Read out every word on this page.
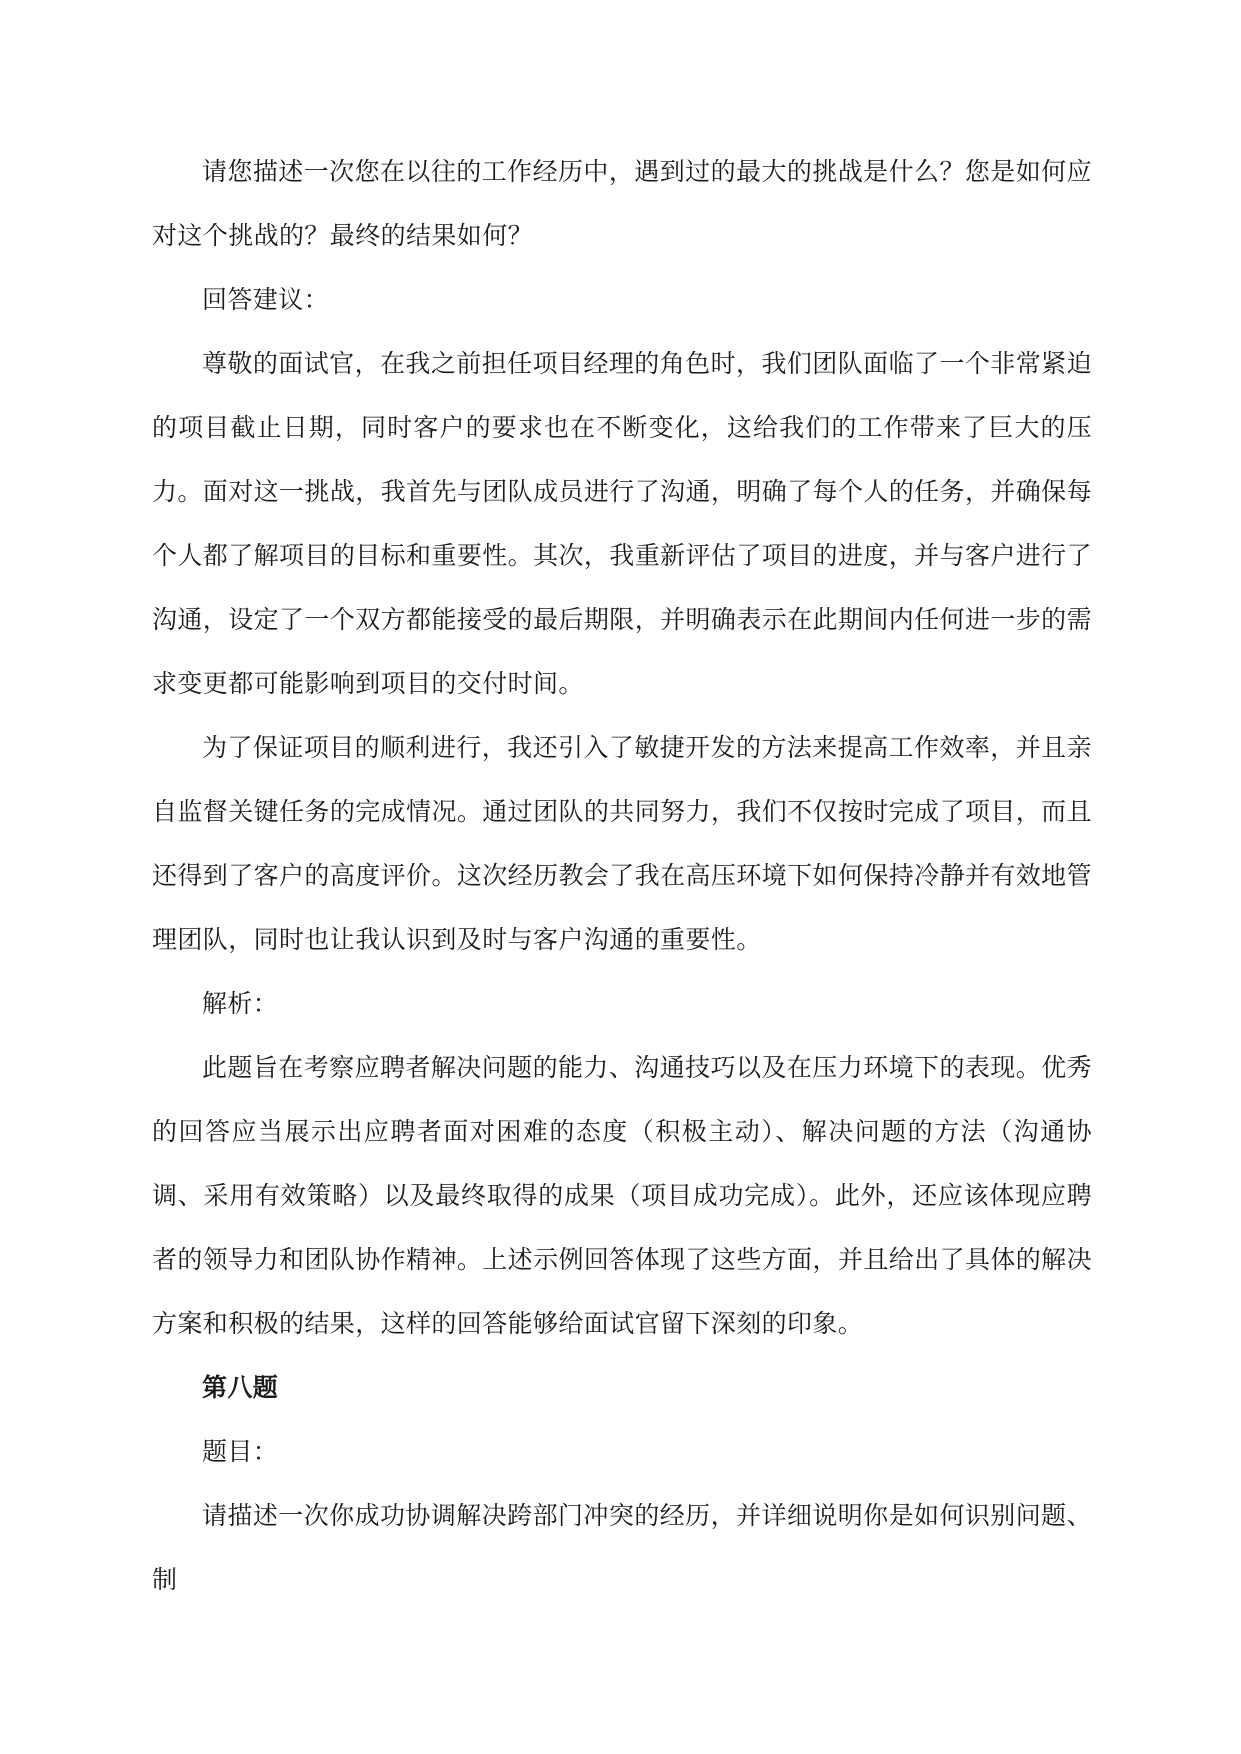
请您描述一次您在以往的工作经历中，遇到过的最大的挑战是什么？您是如何应对这个挑战的？最终的结果如何？

回答建议：

尊敬的面试官，在我之前担任项目经理的角色时，我们团队面临了一个非常紧迫的项目截止日期，同时客户的要求也在不断变化，这给我们的工作带来了巨大的压力。面对这一挑战，我首先与团队成员进行了沟通，明确了每个人的任务，并确保每个人都了解项目的目标和重要性。其次，我重新评估了项目的进度，并与客户进行了沟通，设定了一个双方都能接受的最后期限，并明确表示在此期间内任何进一步的需求变更都可能影响到项目的交付时间。

为了保证项目的顺利进行，我还引入了敏捷开发的方法来提高工作效率，并且亲自监督关键任务的完成情况。通过团队的共同努力，我们不仅按时完成了项目，而且还得到了客户的高度评价。这次经历教会了我在高压环境下如何保持冷静并有效地管理团队，同时也让我认识到及时与客户沟通的重要性。

解析：

此题旨在考察应聘者解决问题的能力、沟通技巧以及在压力环境下的表现。优秀的回答应当展示出应聘者面对困难的态度（积极主动）、解决问题的方法（沟通协调、采用有效策略）以及最终取得的成果（项目成功完成）。此外，还应该体现应聘者的领导力和团队协作精神。上述示例回答体现了这些方面，并且给出了具体的解决方案和积极的结果，这样的回答能够给面试官留下深刻的印象。

第八题

题目：

请描述一次你成功协调解决跨部门冲突的经历，并详细说明你是如何识别问题、制
